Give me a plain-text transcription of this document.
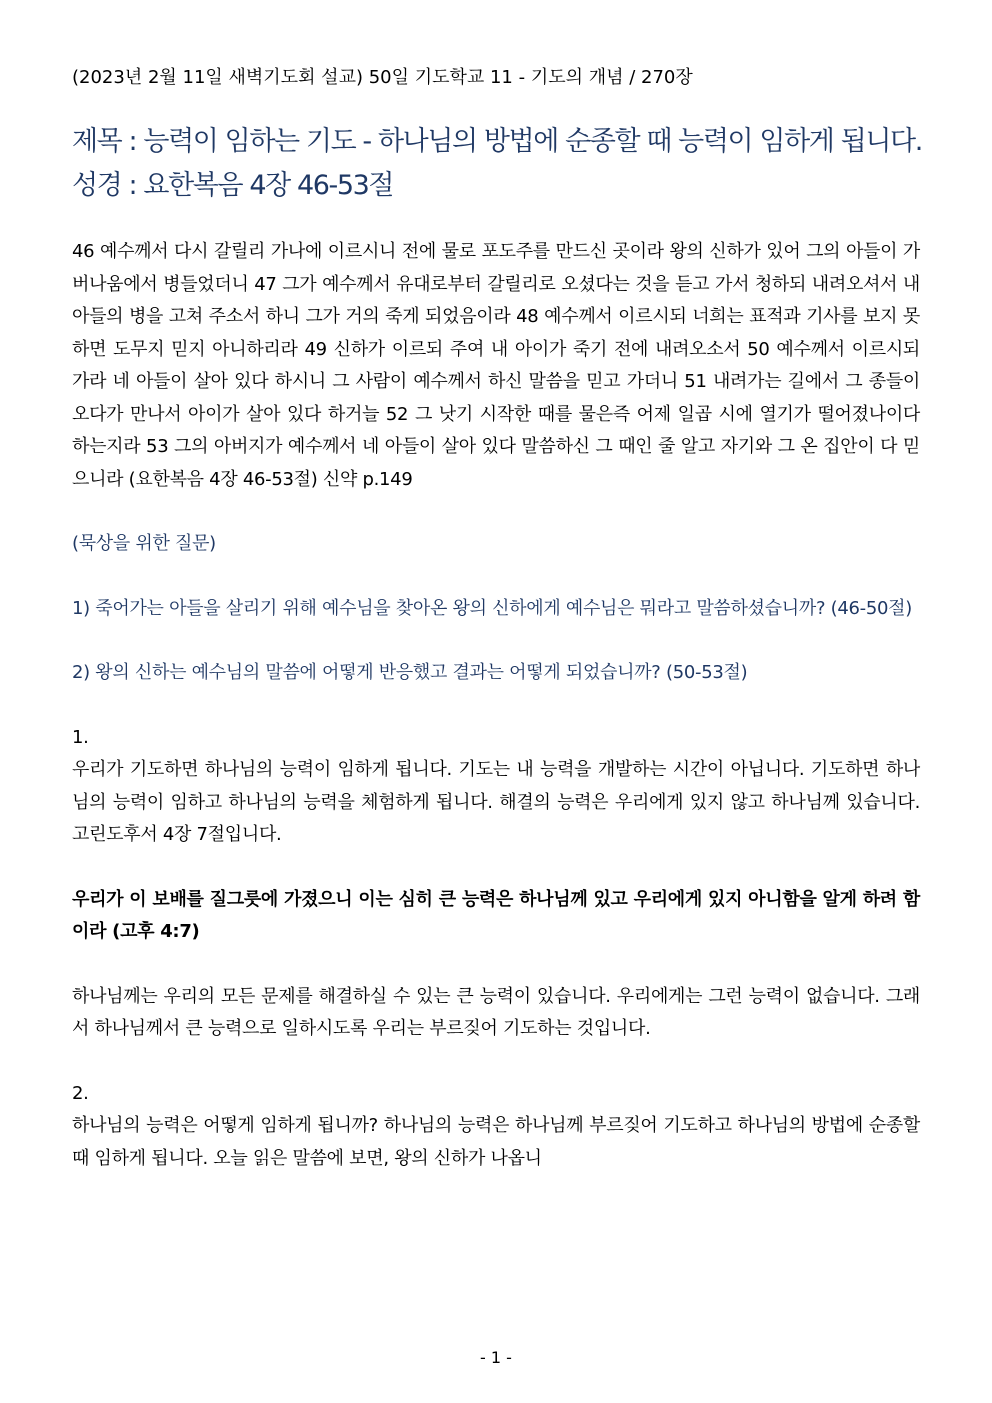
(2023년 2월 11일 새벽기도회 설교) 50일 기도학교 11 - 기도의 개념 / 270장

제목 : 능력이 임하는 기도 - 하나님의 방법에 순종할 때 능력이 임하게 됩니다.
성경 : 요한복음 4장 46-53절

46 예수께서 다시 갈릴리 가나에 이르시니 전에 물로 포도주를 만드신 곳이라 왕의 신하가 있어 그의 아들이 가버나움에서 병들었더니 47 그가 예수께서 유대로부터 갈릴리로 오셨다는 것을 듣고 가서 청하되 내려오셔서 내 아들의 병을 고쳐 주소서 하니 그가 거의 죽게 되었음이라 48 예수께서 이르시되 너희는 표적과 기사를 보지 못하면 도무지 믿지 아니하리라 49 신하가 이르되 주여 내 아이가 죽기 전에 내려오소서 50 예수께서 이르시되 가라 네 아들이 살아 있다 하시니 그 사람이 예수께서 하신 말씀을 믿고 가더니 51 내려가는 길에서 그 종들이 오다가 만나서 아이가 살아 있다 하거늘 52 그 낫기 시작한 때를 물은즉 어제 일곱 시에 열기가 떨어졌나이다 하는지라 53 그의 아버지가 예수께서 네 아들이 살아 있다 말씀하신 그 때인 줄 알고 자기와 그 온 집안이 다 믿으니라 (요한복음 4장 46-53절) 신약 p.149

(묵상을 위한 질문)

1) 죽어가는 아들을 살리기 위해 예수님을 찾아온 왕의 신하에게 예수님은 뭐라고 말씀하셨습니까? (46-50절)

2) 왕의 신하는 예수님의 말씀에 어떻게 반응했고 결과는 어떻게 되었습니까? (50-53절)

1.
우리가 기도하면 하나님의 능력이 임하게 됩니다. 기도는 내 능력을 개발하는 시간이 아닙니다. 기도하면 하나님의 능력이 임하고 하나님의 능력을 체험하게 됩니다. 해결의 능력은 우리에게 있지 않고 하나님께 있습니다. 고린도후서 4장 7절입니다.

우리가 이 보배를 질그릇에 가졌으니 이는 심히 큰 능력은 하나님께 있고 우리에게 있지 아니함을 알게 하려 함이라 (고후 4:7)

하나님께는 우리의 모든 문제를 해결하실 수 있는 큰 능력이 있습니다. 우리에게는 그런 능력이 없습니다. 그래서 하나님께서 큰 능력으로 일하시도록 우리는 부르짖어 기도하는 것입니다.

2.
하나님의 능력은 어떻게 임하게 됩니까? 하나님의 능력은 하나님께 부르짖어 기도하고 하나님의 방법에 순종할 때 임하게 됩니다. 오늘 읽은 말씀에 보면, 왕의 신하가 나옵니
- 1 -
